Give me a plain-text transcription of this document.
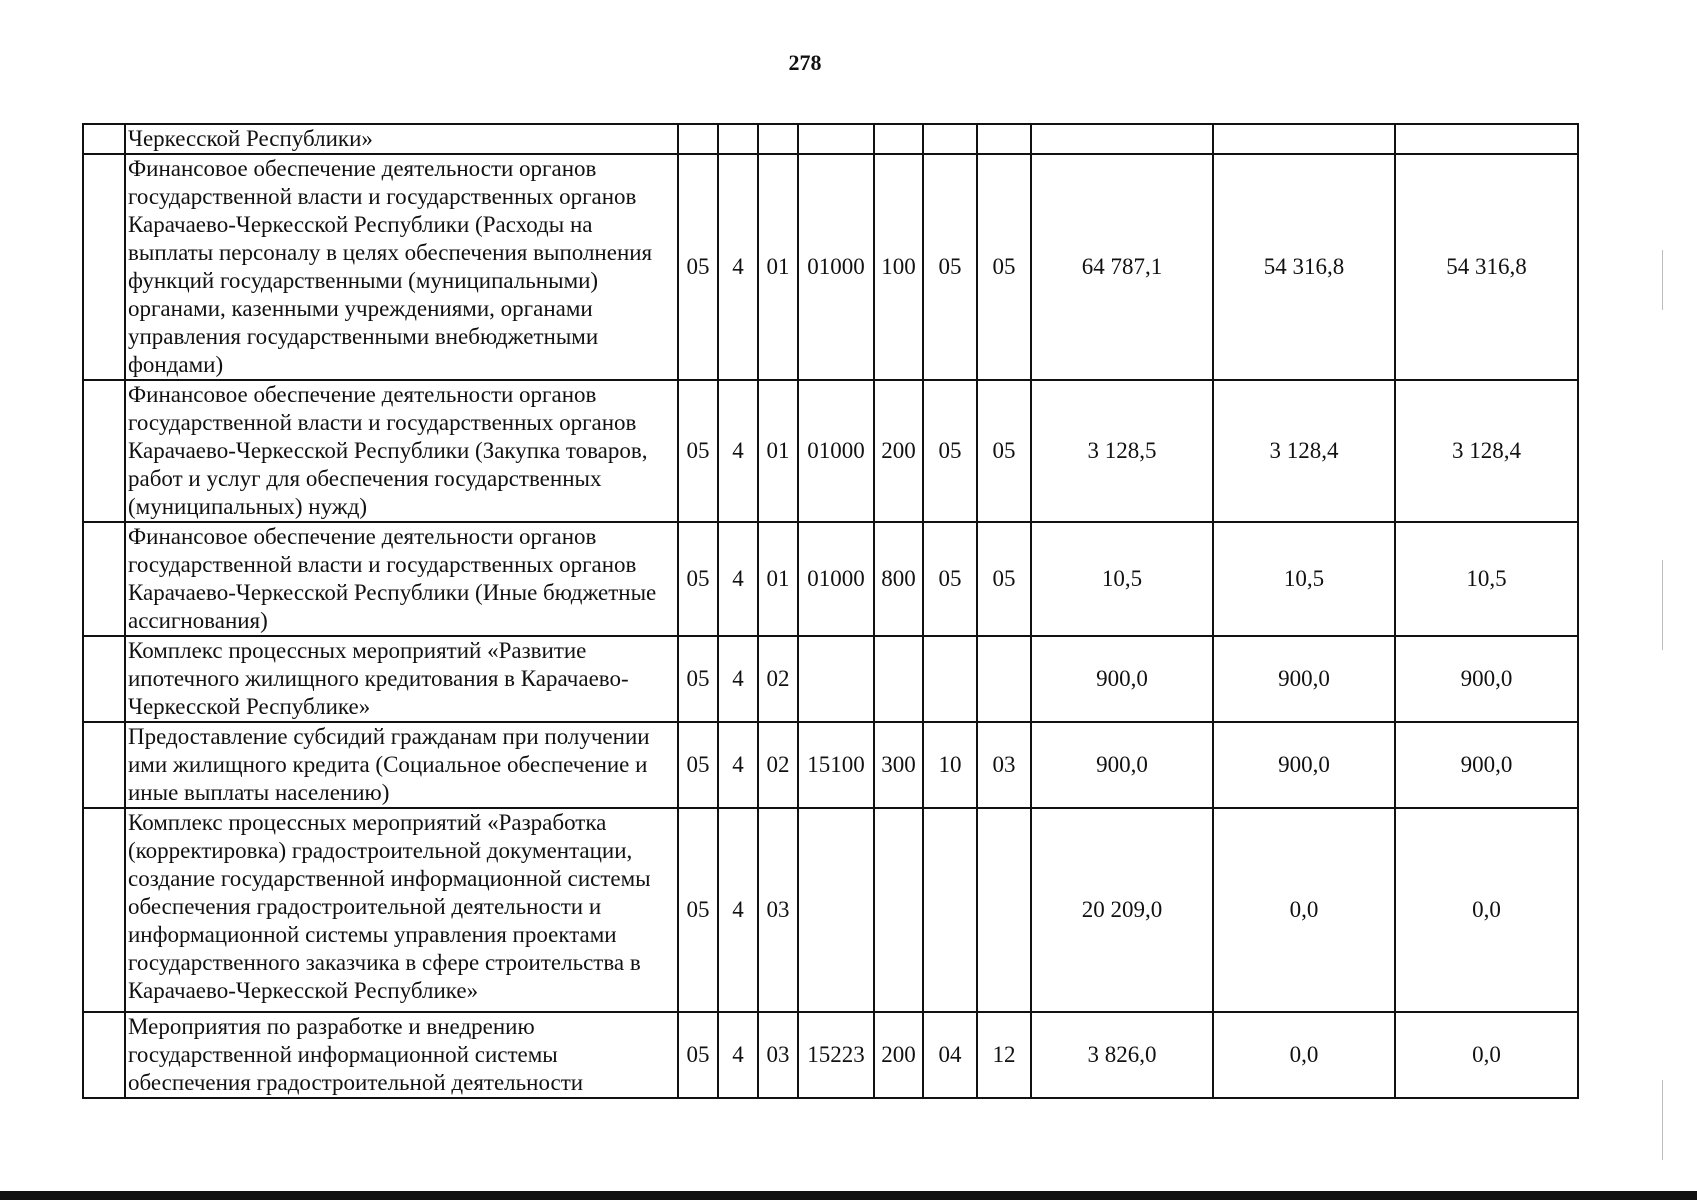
278
	Черкесской Республики»										
	Финансовое обеспечение деятельности органов государственной власти и государственных органов Карачаево-Черкесской Республики (Расходы на выплаты персоналу в целях обеспечения выполнения функций государственными (муниципальными) органами, казенными учреждениями, органами управления государственными внебюджетными фондами)	05	4	01	01000	100	05	05	64 787,1	54 316,8	54 316,8
	Финансовое обеспечение деятельности органов государственной власти и государственных органов Карачаево-Черкесской Республики (Закупка товаров, работ и услуг для обеспечения государственных (муниципальных) нужд)	05	4	01	01000	200	05	05	3 128,5	3 128,4	3 128,4
	Финансовое обеспечение деятельности органов государственной власти и государственных органов Карачаево-Черкесской Республики (Иные бюджетные ассигнования)	05	4	01	01000	800	05	05	10,5	10,5	10,5
	Комплекс процессных мероприятий «Развитие ипотечного жилищного кредитования в Карачаево-Черкесской Республике»	05	4	02					900,0	900,0	900,0
	Предоставление субсидий гражданам при получении ими жилищного кредита (Социальное обеспечение и иные выплаты населению)	05	4	02	15100	300	10	03	900,0	900,0	900,0
	Комплекс процессных мероприятий «Разработка (корректировка) градостроительной документации, создание государственной информационной системы обеспечения градостроительной деятельности и информационной системы управления проектами государственного заказчика в сфере строительства в Карачаево-Черкесской Республике»	05	4	03					20 209,0	0,0	0,0
	Мероприятия по разработке и внедрению государственной информационной системы обеспечения градостроительной деятельности	05	4	03	15223	200	04	12	3 826,0	0,0	0,0
